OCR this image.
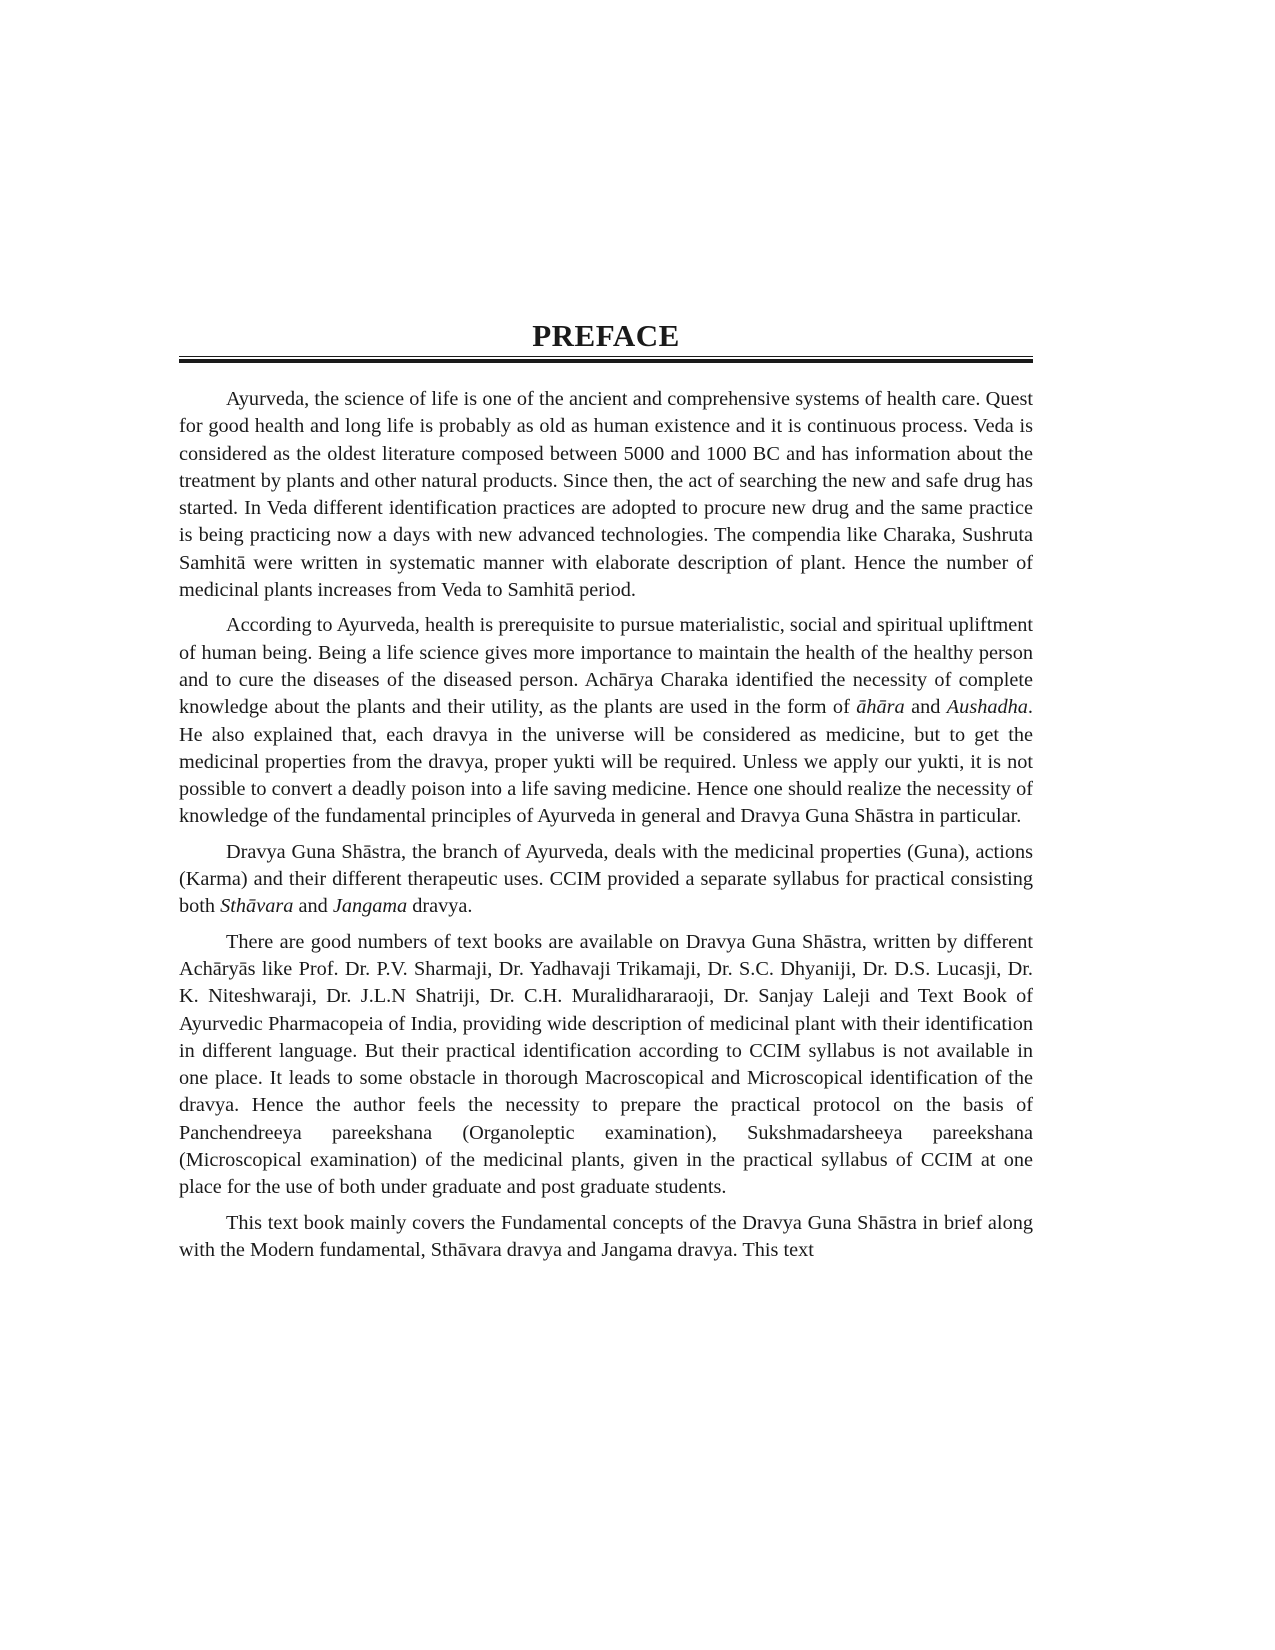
PREFACE

Ayurveda, the science of life is one of the ancient and comprehensive systems of health care. Quest for good health and long life is probably as old as human existence and it is continuous process. Veda is considered as the oldest literature composed between 5000 and 1000 BC and has information about the treatment by plants and other natural products. Since then, the act of searching the new and safe drug has started. In Veda different identification practices are adopted to procure new drug and the same practice is being practicing now a days with new advanced technologies. The compendia like Charaka, Sushruta Samhitā were written in systematic manner with elaborate description of plant. Hence the number of medicinal plants increases from Veda to Samhitā period.

According to Ayurveda, health is prerequisite to pursue materialistic, social and spiritual upliftment of human being. Being a life science gives more importance to maintain the health of the healthy person and to cure the diseases of the diseased person. Achārya Charaka identified the necessity of complete knowledge about the plants and their utility, as the plants are used in the form of āhāra and Aushadha. He also explained that, each dravya in the universe will be considered as medicine, but to get the medicinal properties from the dravya, proper yukti will be required. Unless we apply our yukti, it is not possible to convert a deadly poison into a life saving medicine. Hence one should realize the necessity of knowledge of the fundamental principles of Ayurveda in general and Dravya Guna Shāstra in particular.

Dravya Guna Shāstra, the branch of Ayurveda, deals with the medicinal properties (Guna), actions (Karma) and their different therapeutic uses. CCIM provided a separate syllabus for practical consisting both Sthāvara and Jangama dravya.

There are good numbers of text books are available on Dravya Guna Shāstra, written by different Achāryās like Prof. Dr. P.V. Sharmaji, Dr. Yadhavaji Trikamaji, Dr. S.C. Dhyaniji, Dr. D.S. Lucasji, Dr. K. Niteshwaraji, Dr. J.L.N Shatriji, Dr. C.H. Muralidhararaoji, Dr. Sanjay Laleji and Text Book of Ayurvedic Pharmacopeia of India, providing wide description of medicinal plant with their identification in different language. But their practical identification according to CCIM syllabus is not available in one place. It leads to some obstacle in thorough Macroscopical and Microscopical identification of the dravya. Hence the author feels the necessity to prepare the practical protocol on the basis of Panchendreeya pareekshana (Organoleptic examination), Sukshmadarsheeya pareekshana (Microscopical examination) of the medicinal plants, given in the practical syllabus of CCIM at one place for the use of both under graduate and post graduate students.

This text book mainly covers the Fundamental concepts of the Dravya Guna Shāstra in brief along with the Modern fundamental, Sthāvara dravya and Jangama dravya. This text
